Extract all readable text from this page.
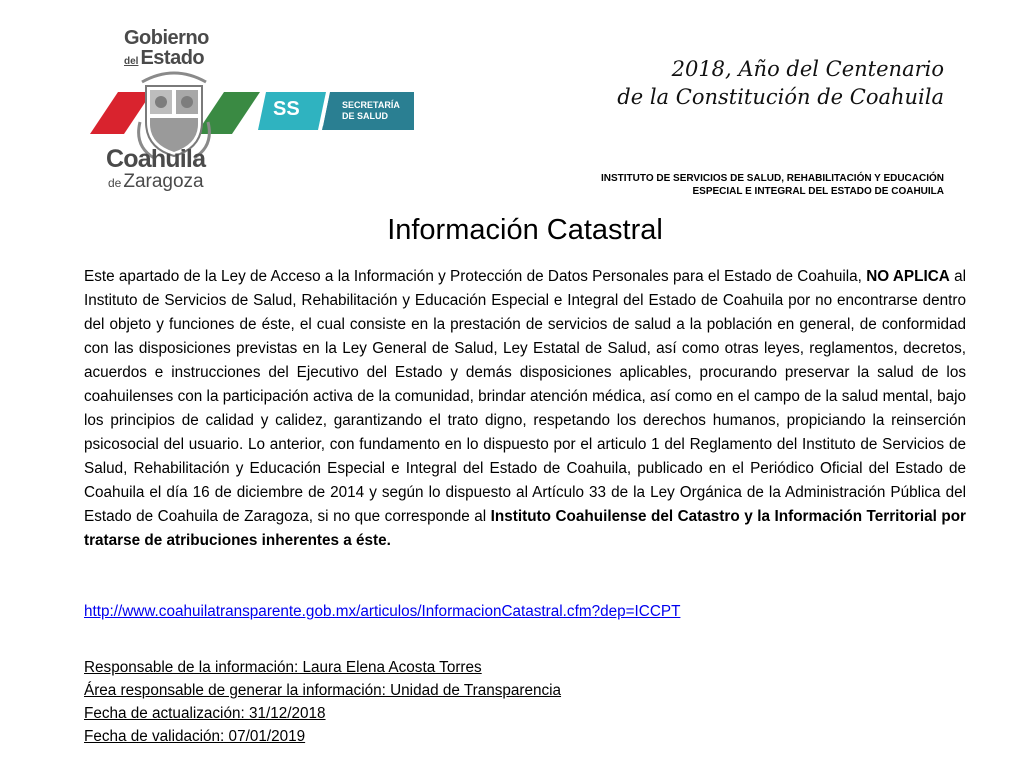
Gobierno
del Estado
SS	SECRETARÍA
DE SALUD
Coahuila
de Zaragoza
2018, Año del Centenario
de la Constitución de Coahuila
INSTITUTO DE SERVICIOS DE SALUD, REHABILITACIÓN Y EDUCACIÓN
ESPECIAL E INTEGRAL DEL ESTADO DE COAHUILA
Información Catastral
Este apartado de la Ley de Acceso a la Información y Protección de Datos Personales para el Estado de Coahuila, NO APLICA al Instituto de Servicios de Salud, Rehabilitación y Educación Especial e Integral del Estado de Coahuila por no encontrarse dentro del objeto y funciones de éste, el cual consiste en la prestación de servicios de salud a la población en general, de conformidad con las disposiciones previstas en la Ley General de Salud, Ley Estatal de Salud, así como otras leyes, reglamentos, decretos, acuerdos e instrucciones del Ejecutivo del Estado y demás disposiciones aplicables, procurando preservar la salud de los coahuilenses con la participación activa de la comunidad, brindar atención médica, así como en el campo de la salud mental, bajo los principios de calidad y calidez, garantizando el trato digno, respetando los derechos humanos, propiciando la reinserción psicosocial del usuario. Lo anterior, con fundamento en lo dispuesto por el articulo 1 del Reglamento del Instituto de Servicios de Salud, Rehabilitación y Educación Especial e Integral del Estado de Coahuila, publicado en el Periódico Oficial del Estado de Coahuila el día 16 de diciembre de 2014 y según lo dispuesto al Artículo 33 de la Ley Orgánica de la Administración Pública del Estado de Coahuila de Zaragoza, si no que corresponde al Instituto Coahuilense del Catastro y la Información Territorial por tratarse de atribuciones inherentes a éste.
http://www.coahuilatransparente.gob.mx/articulos/InformacionCatastral.cfm?dep=ICCPT
Responsable de la información: Laura Elena Acosta Torres
Área responsable de generar la información: Unidad de Transparencia
Fecha de actualización: 31/12/2018
Fecha de validación: 07/01/2019
